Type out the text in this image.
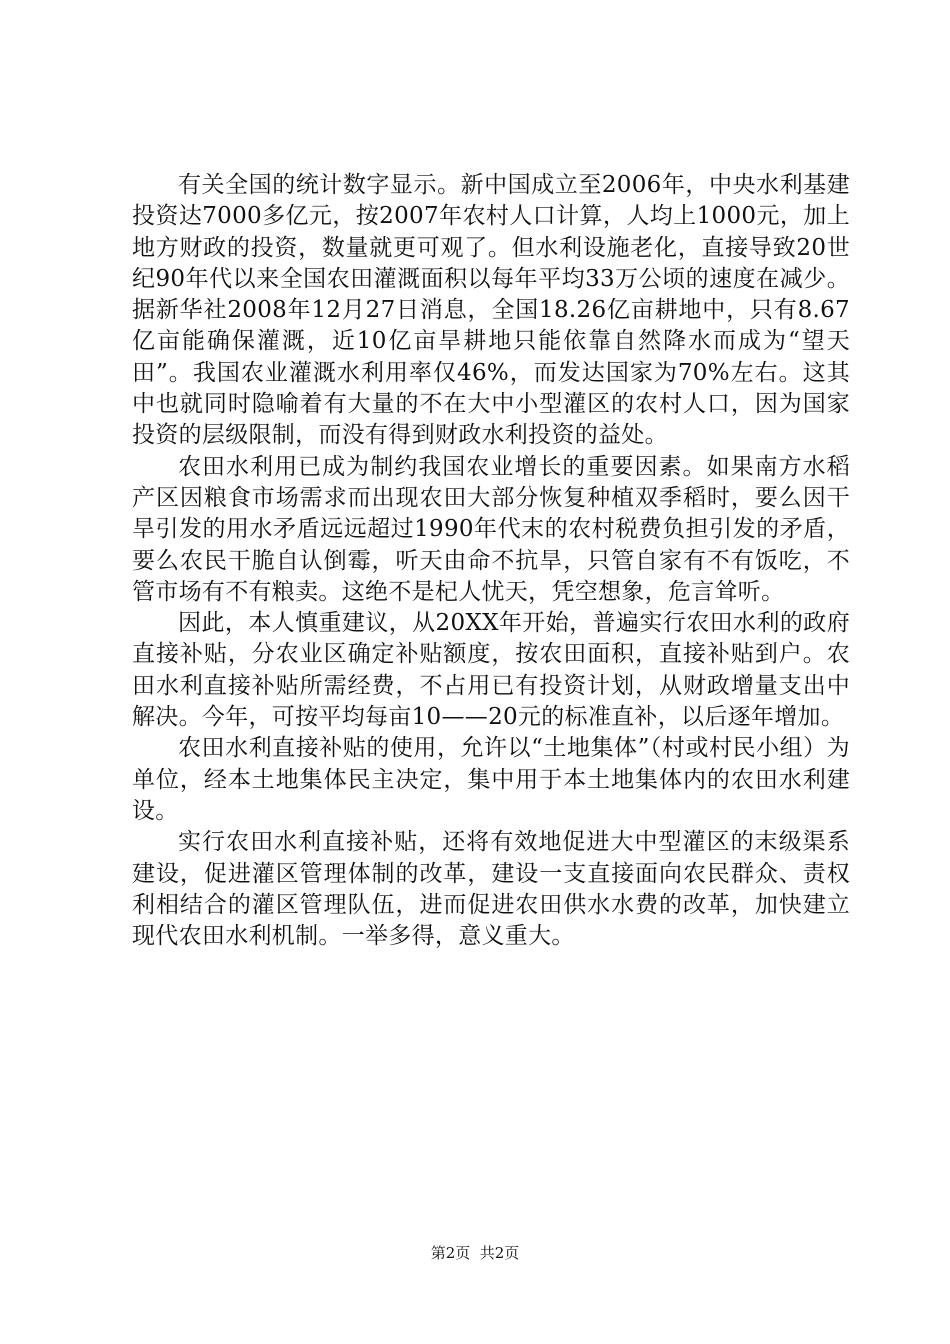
有关全国的统计数字显示。新中国成立至2006年，中央水利基建投资达7000多亿元，按2007年农村人口计算，人均上1000元，加上地方财政的投资，数量就更可观了。但水利设施老化，直接导致20世纪90年代以来全国农田灌溉面积以每年平均33万公顷的速度在减少。据新华社2008年12月27日消息，全国18.26亿亩耕地中，只有8.67亿亩能确保灌溉，近10亿亩旱耕地只能依靠自然降水而成为“望天田”。我国农业灌溉水利用率仅46%，而发达国家为70%左右。这其中也就同时隐喻着有大量的不在大中小型灌区的农村人口，因为国家投资的层级限制，而没有得到财政水利投资的益处。

农田水利用已成为制约我国农业增长的重要因素。如果南方水稻产区因粮食市场需求而出现农田大部分恢复种植双季稻时，要么因干旱引发的用水矛盾远远超过1990年代末的农村税费负担引发的矛盾，要么农民干脆自认倒霉，听天由命不抗旱，只管自家有不有饭吃，不管市场有不有粮卖。这绝不是杞人忧天，凭空想象，危言耸听。

因此，本人慎重建议，从20XX年开始，普遍实行农田水利的政府直接补贴，分农业区确定补贴额度，按农田面积，直接补贴到户。农田水利直接补贴所需经费，不占用已有投资计划，从财政增量支出中解决。今年，可按平均每亩10——20元的标准直补，以后逐年增加。

农田水利直接补贴的使用，允许以“土地集体”（村或村民小组）为单位，经本土地集体民主决定，集中用于本土地集体内的农田水利建设。

实行农田水利直接补贴，还将有效地促进大中型灌区的末级渠系建设，促进灌区管理体制的改革，建设一支直接面向农民群众、责权利相结合的灌区管理队伍，进而促进农田供水水费的改革，加快建立现代农田水利机制。一举多得，意义重大。

第2页  共2页
